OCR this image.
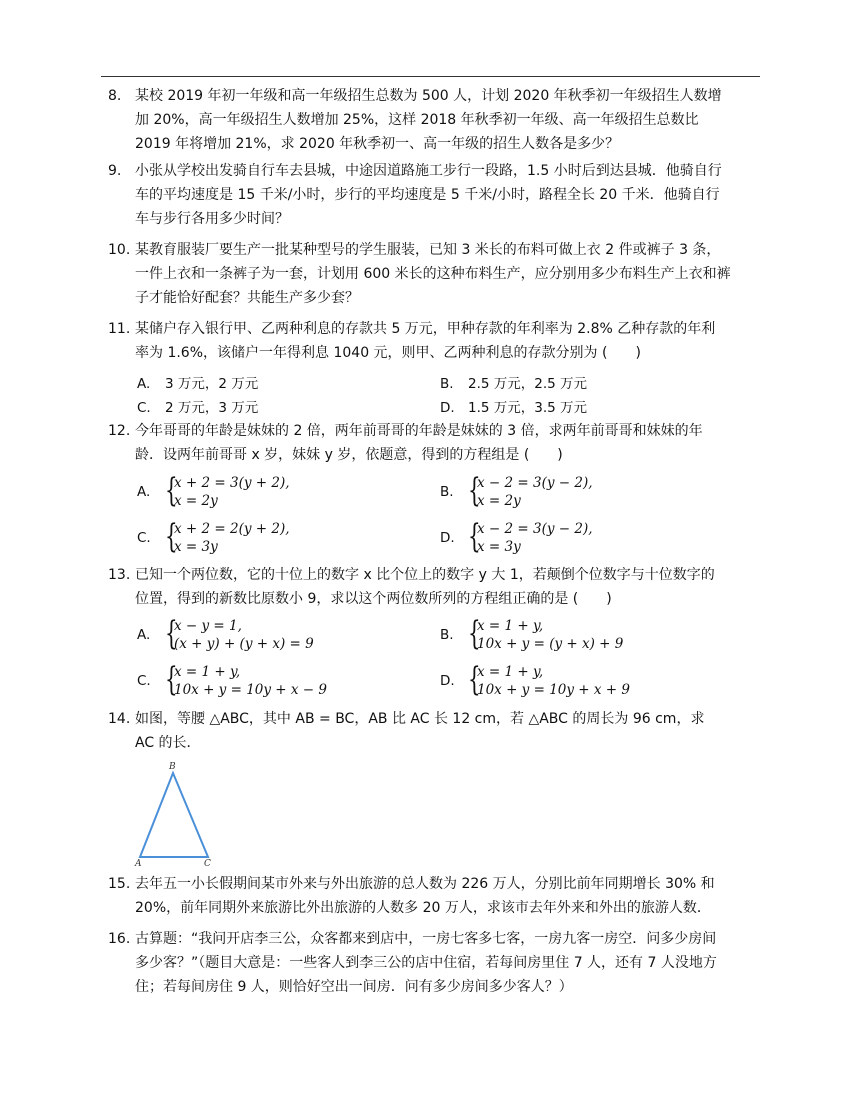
8. 某校 2019 年初一年级和高一年级招生总数为 500 人，计划 2020 年秋季初一年级招生人数增
加 20%，高一年级招生人数增加 25%，这样 2018 年秋季初一年级、高一年级招生总数比
2019 年将增加 21%，求 2020 年秋季初一、高一年级的招生人数各是多少？
9. 小张从学校出发骑自行车去县城，中途因道路施工步行一段路，1.5 小时后到达县城．他骑自行
车的平均速度是 15 千米/小时，步行的平均速度是 5 千米/小时，路程全长 20 千米．他骑自行
车与步行各用多少时间？
10. 某教育服装厂要生产一批某种型号的学生服装，已知 3 米长的布料可做上衣 2 件或裤子 3 条，
一件上衣和一条裤子为一套，计划用 600 米长的这种布料生产，应分别用多少布料生产上衣和裤
子才能恰好配套？共能生产多少套？
11. 某储户存入银行甲、乙两种利息的存款共 5 万元，甲种存款的年利率为 2.8% 乙种存款的年利
率为 1.6%，该储户一年得利息 1040 元，则甲、乙两种利息的存款分别为 (　　)
A. 3 万元，2 万元	B. 2.5 万元，2.5 万元
C. 2 万元，3 万元	D. 1.5 万元，3.5 万元
12. 今年哥哥的年龄是妹妹的 2 倍，两年前哥哥的年龄是妹妹的 3 倍，求两年前哥哥和妹妹的年
龄．设两年前哥哥 x 岁，妹妹 y 岁，依题意，得到的方程组是 (　　)
A. {
x + 2 = 3(y + 2),
x = 2y
B. {
x − 2 = 3(y − 2),
x = 2y
C. {
x + 2 = 2(y + 2),
x = 3y
D. {
x − 2 = 3(y − 2),
x = 3y
13. 已知一个两位数，它的十位上的数字 x 比个位上的数字 y 大 1，若颠倒个位数字与十位数字的
位置，得到的新数比原数小 9，求以这个两位数所列的方程组正确的是 (　　)
A. {
x − y = 1,
(x + y) + (y + x) = 9
B. {
x = 1 + y,
10x + y = (y + x) + 9
C. {
x = 1 + y,
10x + y = 10y + x − 9
D. {
x = 1 + y,
10x + y = 10y + x + 9
14. 如图，等腰 △ABC，其中 AB = BC，AB 比 AC 长 12 cm，若 △ABC 的周长为 96 cm，求
AC 的长．
B
A	C
15. 去年五一小长假期间某市外来与外出旅游的总人数为 226 万人，分别比前年同期增长 30% 和
20%，前年同期外来旅游比外出旅游的人数多 20 万人，求该市去年外来和外出的旅游人数．
16. 古算题：“我问开店李三公，众客都来到店中，一房七客多七客，一房九客一房空．问多少房间
多少客？”（题目大意是：一些客人到李三公的店中住宿，若每间房里住 7 人，还有 7 人没地方
住；若每间房住 9 人，则恰好空出一间房．问有多少房间多少客人？）
